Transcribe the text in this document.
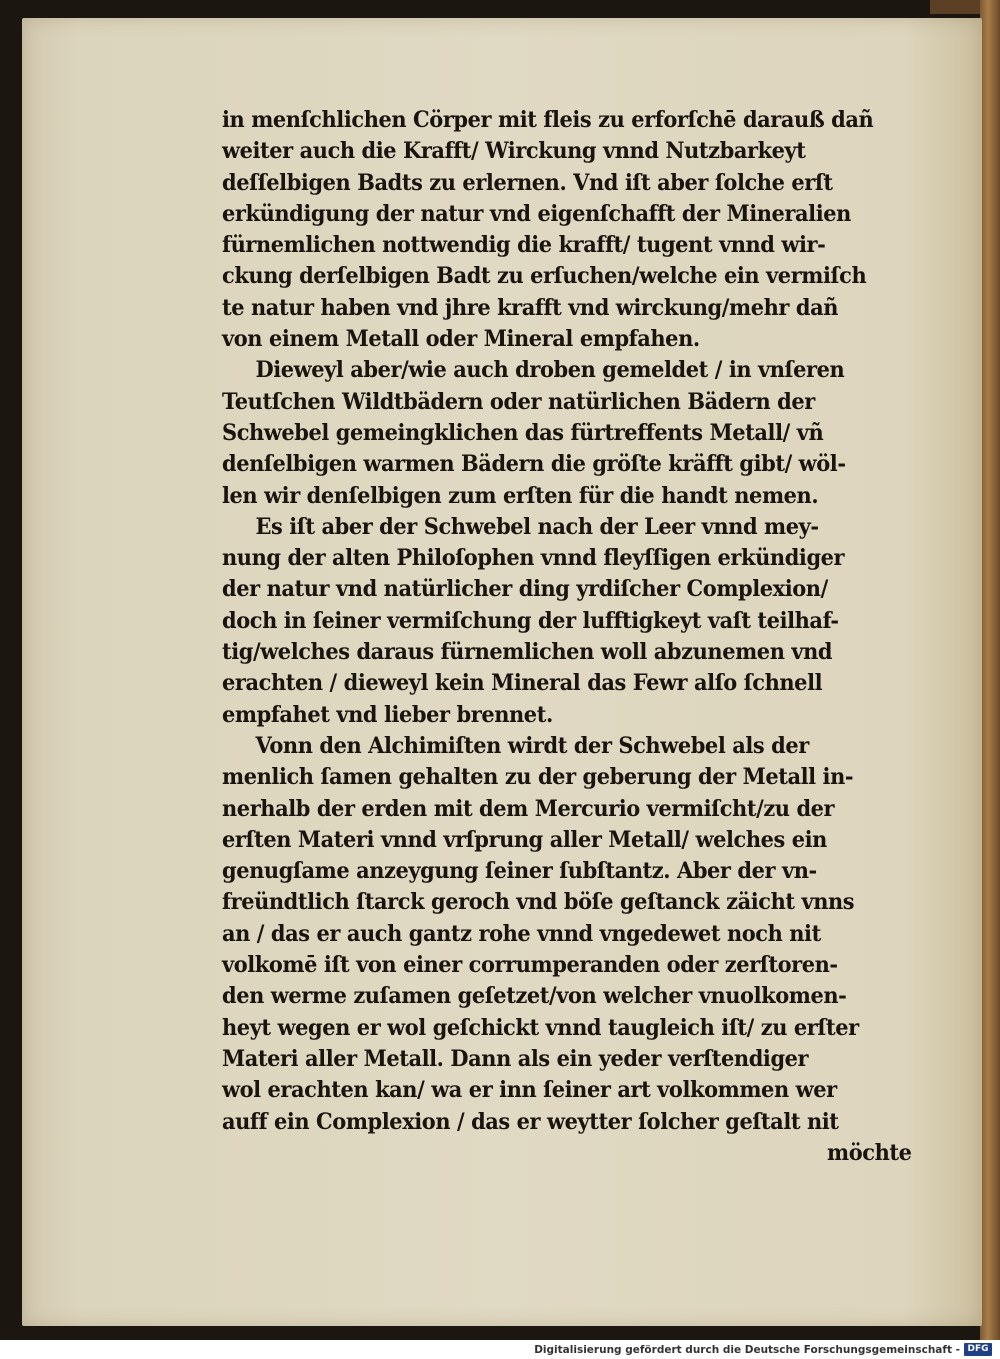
in menſchlichen Cörper mit fleis zu erforſchē darauß dañ
weiter auch die Krafft/ Wirckung vnnd Nutzbarkeyt
deſſelbigen Badts zu erlernen. Vnd iſt aber ſolche erſt
erkündigung der natur vnd eigenſchafft der Mineralien
fürnemlichen nottwendig die krafft/ tugent vnnd wir-
ckung derſelbigen Badt zu erſuchen/welche ein vermiſch
te natur haben vnd jhre krafft vnd wirckung/mehr dañ
von einem Metall oder Mineral empfahen.
Dieweyl aber/wie auch droben gemeldet / in vnſeren
Teutſchen Wildtbädern oder natürlichen Bädern der
Schwebel gemeingklichen das fürtreffents Metall/ vñ
denſelbigen warmen Bädern die gröſte kräfft gibt/ wöl-
len wir denſelbigen zum erſten für die handt nemen.
Es iſt aber der Schwebel nach der Leer vnnd mey-
nung der alten Philoſophen vnnd fleyſſigen erkündiger
der natur vnd natürlicher ding yrdiſcher Complexion/
doch in ſeiner vermiſchung der lufftigkeyt vaſt teilhaf-
tig/welches daraus fürnemlichen woll abzunemen vnd
erachten / dieweyl kein Mineral das Fewr alſo ſchnell
empfahet vnd lieber brennet.
Vonn den Alchimiſten wirdt der Schwebel als der
menlich ſamen gehalten zu der geberung der Metall in-
nerhalb der erden mit dem Mercurio vermiſcht/zu der
erſten Materi vnnd vrſprung aller Metall/ welches ein
genugſame anzeygung ſeiner ſubſtantz. Aber der vn-
freündtlich ſtarck geroch vnd böſe geſtanck zäicht vnns
an / das er auch gantz rohe vnnd vngedewet noch nit
volkomē iſt von einer corrumperanden oder zerſtoren-
den werme zuſamen geſetzet/von welcher vnuolkomen-
heyt wegen er wol geſchickt vnnd taugleich iſt/ zu erſter
Materi aller Metall. Dann als ein yeder verſtendiger
wol erachten kan/ wa er inn ſeiner art volkommen wer
auff ein Complexion / das er weytter ſolcher geſtalt nit
möchte
Digitalisierung gefördert durch die Deutsche Forschungsgemeinschaft - DFG
